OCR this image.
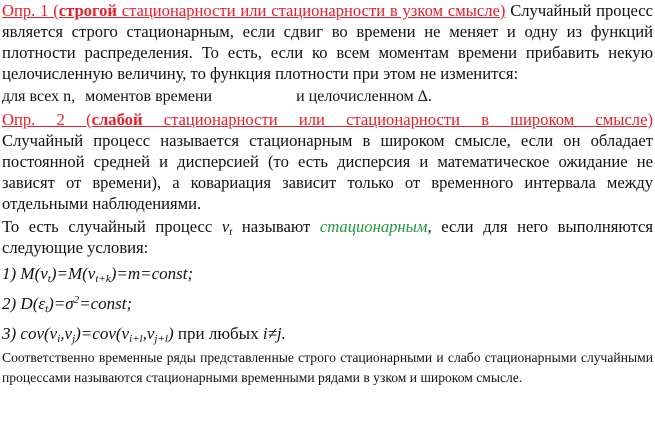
Опр. 1 (строгой стационарности или стационарности в узком смысле) Случайный процесс является строго стационарным, если сдвиг во времени не меняет и одну из функций плотности распределения. То есть, если ко всем моментам времени прибавить некую целочисленную величину, то функция плотности при этом не изменится:

для всех n, моментов времени	и целочисленном Δ.

Опр. 2 (слабой стационарности или стационарности в широком смысле)

Случайный процесс называется стационарным в широком смысле, если он обладает постоянной средней и дисперсией (то есть дисперсия и математическое ожидание не зависят от времени), а ковариация зависит только от временного интервала между отдельными наблюдениями.

То есть случайный процесс $v_t$ называют стационарным, если для него выполняются следующие условия:

1) $M(v_t)=M(v_{t+k})=m=const$;

2) $D(\varepsilon_t)=\sigma^2=const$;

3) $cov(v_i,v_j)=cov(v_{i+l},v_{j+l})$ при любых i≠j.

Соответственно временные ряды представленные строго стационарными и слабо стационарными случайными процессами называются стационарными временными рядами в узком и широком смысле.
